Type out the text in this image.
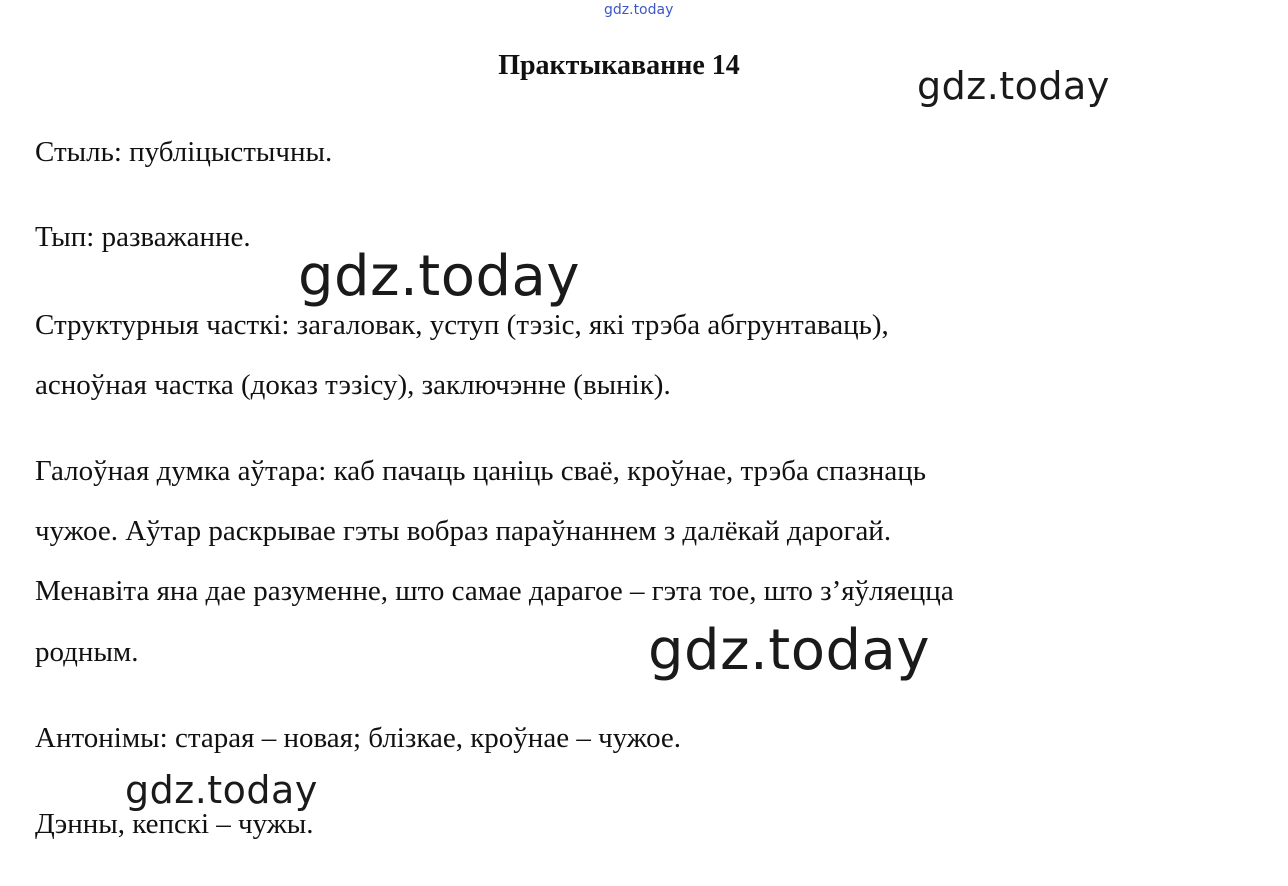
gdz.today
Практыкаванне 14	gdz.today
Стыль: публіцыстычны.
Тып: разважанне.
gdz.today
Структурныя часткі: загаловак, уступ (тэзіс, які трэба абгрунтаваць),
асноўная частка (доказ тэзісу), заключэнне (вынік).
Галоўная думка аўтара: каб пачаць цаніць сваё, кроўнае, трэба спазнаць
чужое. Аўтар раскрывае гэты вобраз параўнаннем з далёкай дарогай.
Менавіта яна дае разуменне, што самае дарагое – гэта тое, што з’яўляецца
родным.	gdz.today
Антонімы: старая – новая; блізкае, кроўнае – чужое.
gdz.today
Дэнны, кепскі – чужы.
